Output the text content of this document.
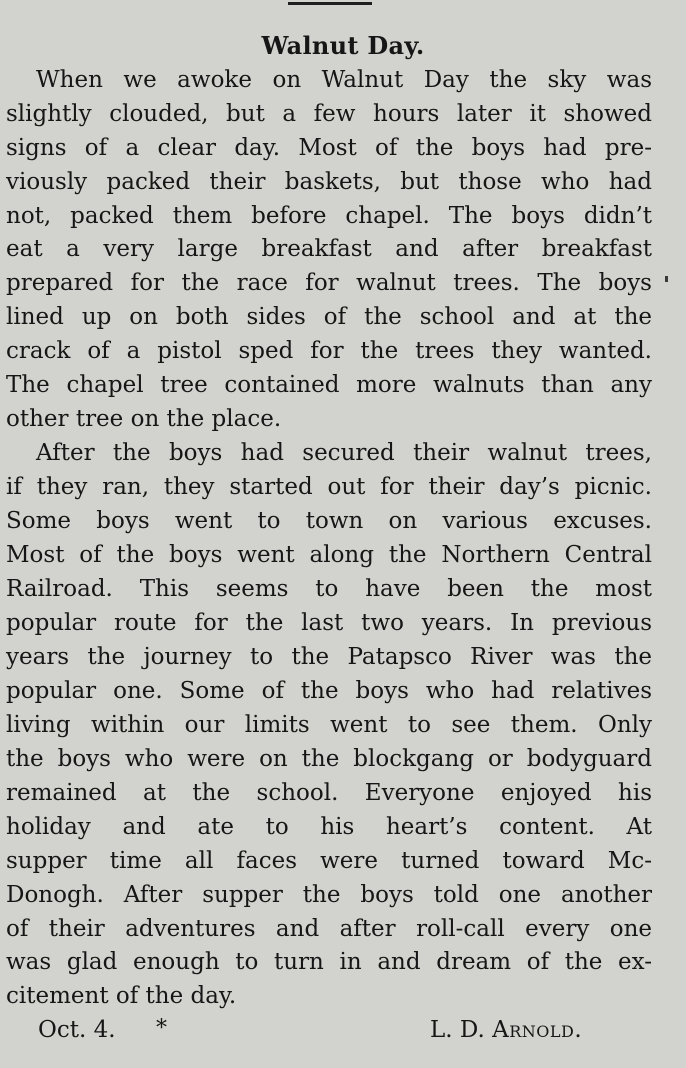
Walnut Day.
When we awoke on Walnut Day the sky was
slightly clouded, but a few hours later it showed
signs of a clear day. Most of the boys had pre-
viously packed their baskets, but those who had
not, packed them before chapel. The boys didn’t
eat a very large breakfast and after breakfast
prepared for the race for walnut trees. The boys
lined up on both sides of the school and at the
crack of a pistol sped for the trees they wanted.
The chapel tree contained more walnuts than any
other tree on the place.
After the boys had secured their walnut trees,
if they ran, they started out for their day’s picnic.
Some boys went to town on various excuses.
Most of the boys went along the Northern Central
Railroad. This seems to have been the most
popular route for the last two years. In previous
years the journey to the Patapsco River was the
popular one. Some of the boys who had relatives
living within our limits went to see them. Only
the boys who were on the blockgang or bodyguard
remained at the school. Everyone enjoyed his
holiday and ate to his heart’s content. At
supper time all faces were turned toward Mc-
Donogh. After supper the boys told one another
of their adventures and after roll-call every one
was glad enough to turn in and dream of the ex-
citement of the day.
Oct. 4. *	L. D. Arnold.
